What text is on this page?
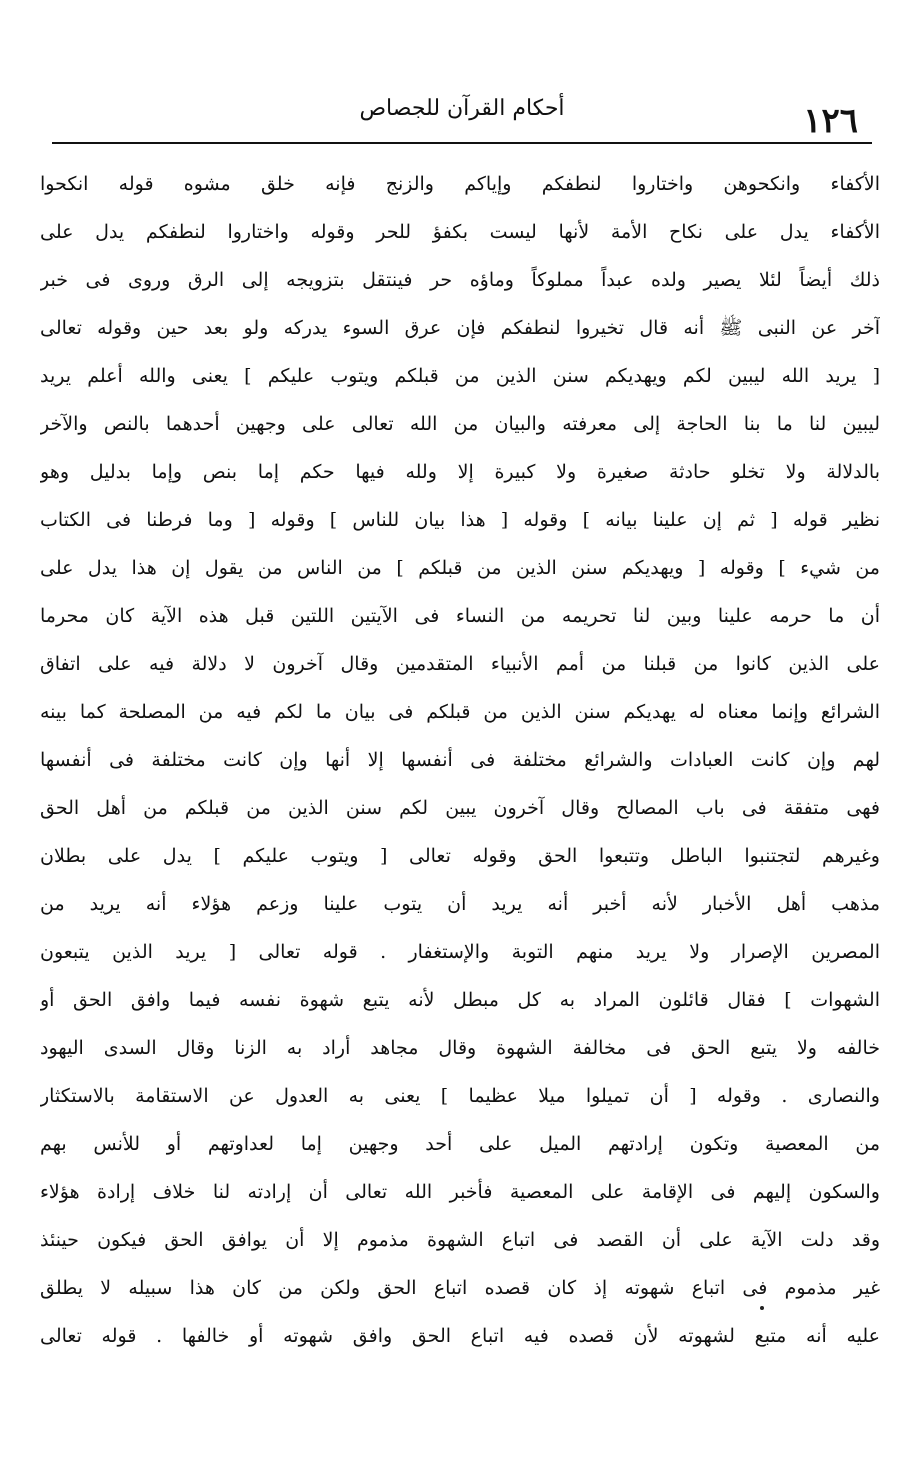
١٢٦
أحكام القرآن للجصاص
الأكفاء وانكحوهن واختاروا لنطفكم وإياكم والزنج فإنه خلق مشوه قوله انكحوا
الأكفاء يدل على نكاح الأمة لأنها ليست بكفؤ للحر وقوله واختاروا لنطفكم يدل على
ذلك أيضاً لئلا يصير ولده عبداً مملوكاً وماؤه حر فينتقل بتزويجه إلى الرق وروى فى خبر
آخر عن النبى ﷺ أنه قال تخيروا لنطفكم فإن عرق السوء يدركه ولو بعد حين وقوله تعالى
[ يريد الله ليبين لكم ويهديكم سنن الذين من قبلكم ويتوب عليكم ] يعنى والله أعلم يريد
ليبين لنا ما بنا الحاجة إلى معرفته والبيان من الله تعالى على وجهين أحدهما بالنص والآخر
بالدلالة ولا تخلو حادثة صغيرة ولا كبيرة إلا ولله فيها حكم إما بنص وإما بدليل وهو
نظير قوله [ ثم إن علينا بيانه ] وقوله [ هذا بيان للناس ] وقوله [ وما فرطنا فى الكتاب
من شيء ] وقوله [ ويهديكم سنن الذين من قبلكم ] من الناس من يقول إن هذا يدل على
أن ما حرمه علينا وبين لنا تحريمه من النساء فى الآيتين اللتين قبل هذه الآية كان محرما
على الذين كانوا من قبلنا من أمم الأنبياء المتقدمين وقال آخرون لا دلالة فيه على اتفاق
الشرائع وإنما معناه له يهديكم سنن الذين من قبلكم فى بيان ما لكم فيه من المصلحة كما بينه
لهم وإن كانت العبادات والشرائع مختلفة فى أنفسها إلا أنها وإن كانت مختلفة فى أنفسها
فهى متفقة فى باب المصالح وقال آخرون يبين لكم سنن الذين من قبلكم من أهل الحق
وغيرهم لتجتنبوا الباطل وتتبعوا الحق وقوله تعالى [ ويتوب عليكم ] يدل على بطلان
مذهب أهل الأخبار لأنه أخبر أنه يريد أن يتوب علينا وزعم هؤلاء أنه يريد من
المصرين الإصرار ولا يريد منهم التوبة والإستغفار . قوله تعالى [ يريد الذين يتبعون
الشهوات ] فقال قائلون المراد به كل مبطل لأنه يتبع شهوة نفسه فيما وافق الحق أو
خالفه ولا يتبع الحق فى مخالفة الشهوة وقال مجاهد أراد به الزنا وقال السدى اليهود
والنصارى . وقوله [ أن تميلوا ميلا عظيما ] يعنى به العدول عن الاستقامة بالاستكثار
من المعصية وتكون إرادتهم الميل على أحد وجهين إما لعداوتهم أو للأنس بهم
والسكون إليهم فى الإقامة على المعصية فأخبر الله تعالى أن إرادته لنا خلاف إرادة هؤلاء
وقد دلت الآية على أن القصد فى اتباع الشهوة مذموم إلا أن يوافق الحق فيكون حينئذ
غير مذموم فى اتباع شهوته إذ كان قصده اتباع الحق ولكن من كان هذا سبيله لا يطلق
عليه أنه متبع لشهوته لأن قصده فيه اتباع الحق وافق شهوته أو خالفها . قوله تعالى
